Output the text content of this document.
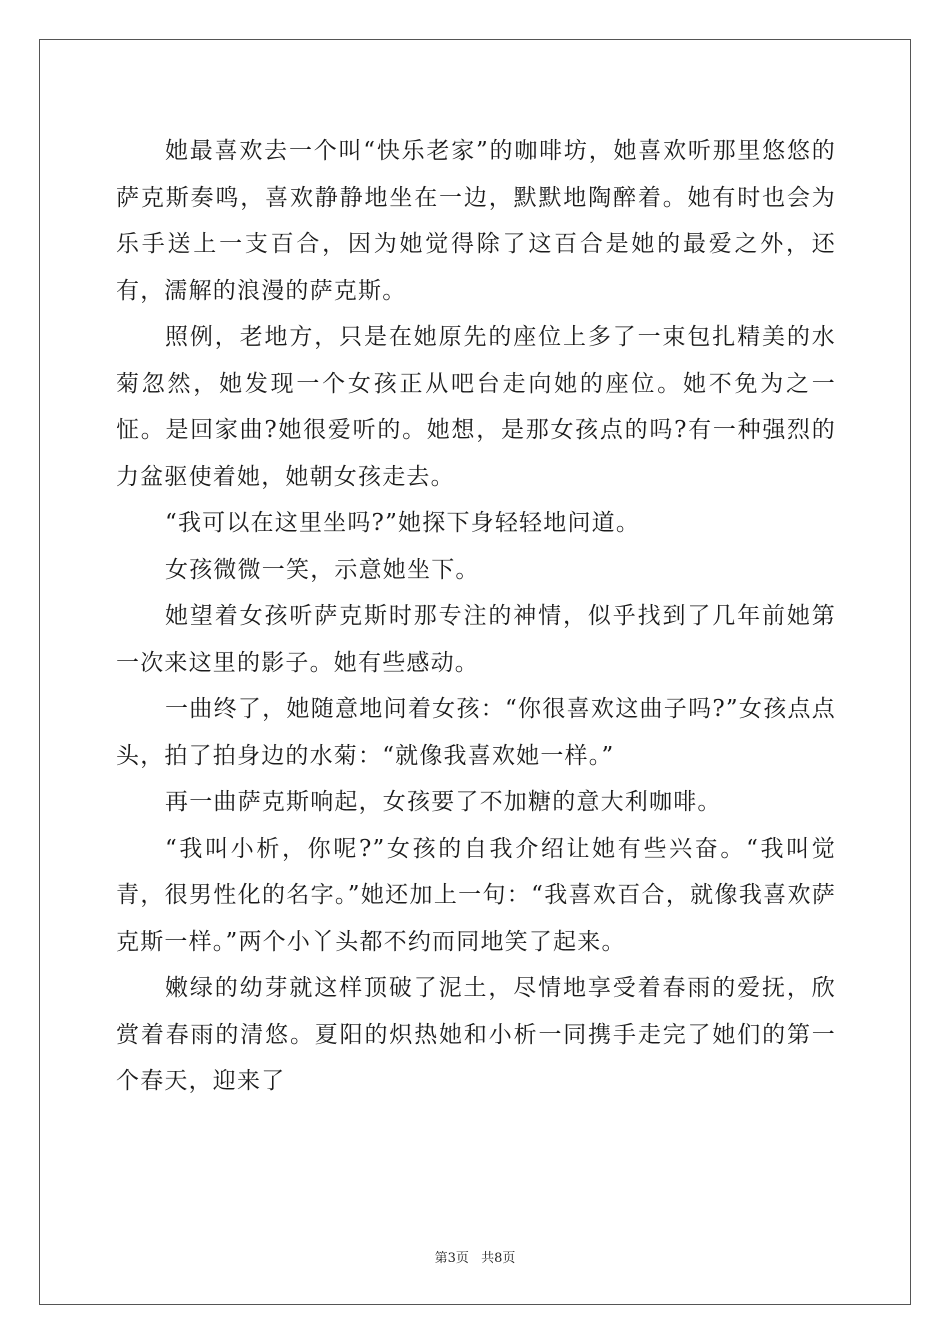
她最喜欢去一个叫“快乐老家”的咖啡坊，她喜欢听那里悠悠的萨克斯奏鸣，喜欢静静地坐在一边，默默地陶醉着。她有时也会为乐手送上一支百合，因为她觉得除了这百合是她的最爱之外，还有，濡解的浪漫的萨克斯。

照例，老地方，只是在她原先的座位上多了一束包扎精美的水菊忽然，她发现一个女孩正从吧台走向她的座位。她不免为之一怔。是回家曲?她很爱听的。她想，是那女孩点的吗?有一种强烈的力盆驱使着她，她朝女孩走去。

“我可以在这里坐吗?”她探下身轻轻地问道。

女孩微微一笑，示意她坐下。

她望着女孩听萨克斯时那专注的神情，似乎找到了几年前她第一次来这里的影子。她有些感动。

一曲终了，她随意地问着女孩：“你很喜欢这曲子吗?”女孩点点头，拍了拍身边的水菊：“就像我喜欢她一样。”

再一曲萨克斯响起，女孩要了不加糖的意大利咖啡。

“我叫小析，你呢?”女孩的自我介绍让她有些兴奋。“我叫觉青，很男性化的名字。”她还加上一句：“我喜欢百合，就像我喜欢萨克斯一样。”两个小丫头都不约而同地笑了起来。

嫩绿的幼芽就这样顶破了泥土，尽情地享受着春雨的爱抚，欣赏着春雨的清悠。夏阳的炽热她和小析一同携手走完了她们的第一个春天，迎来了

第3页 共8页
